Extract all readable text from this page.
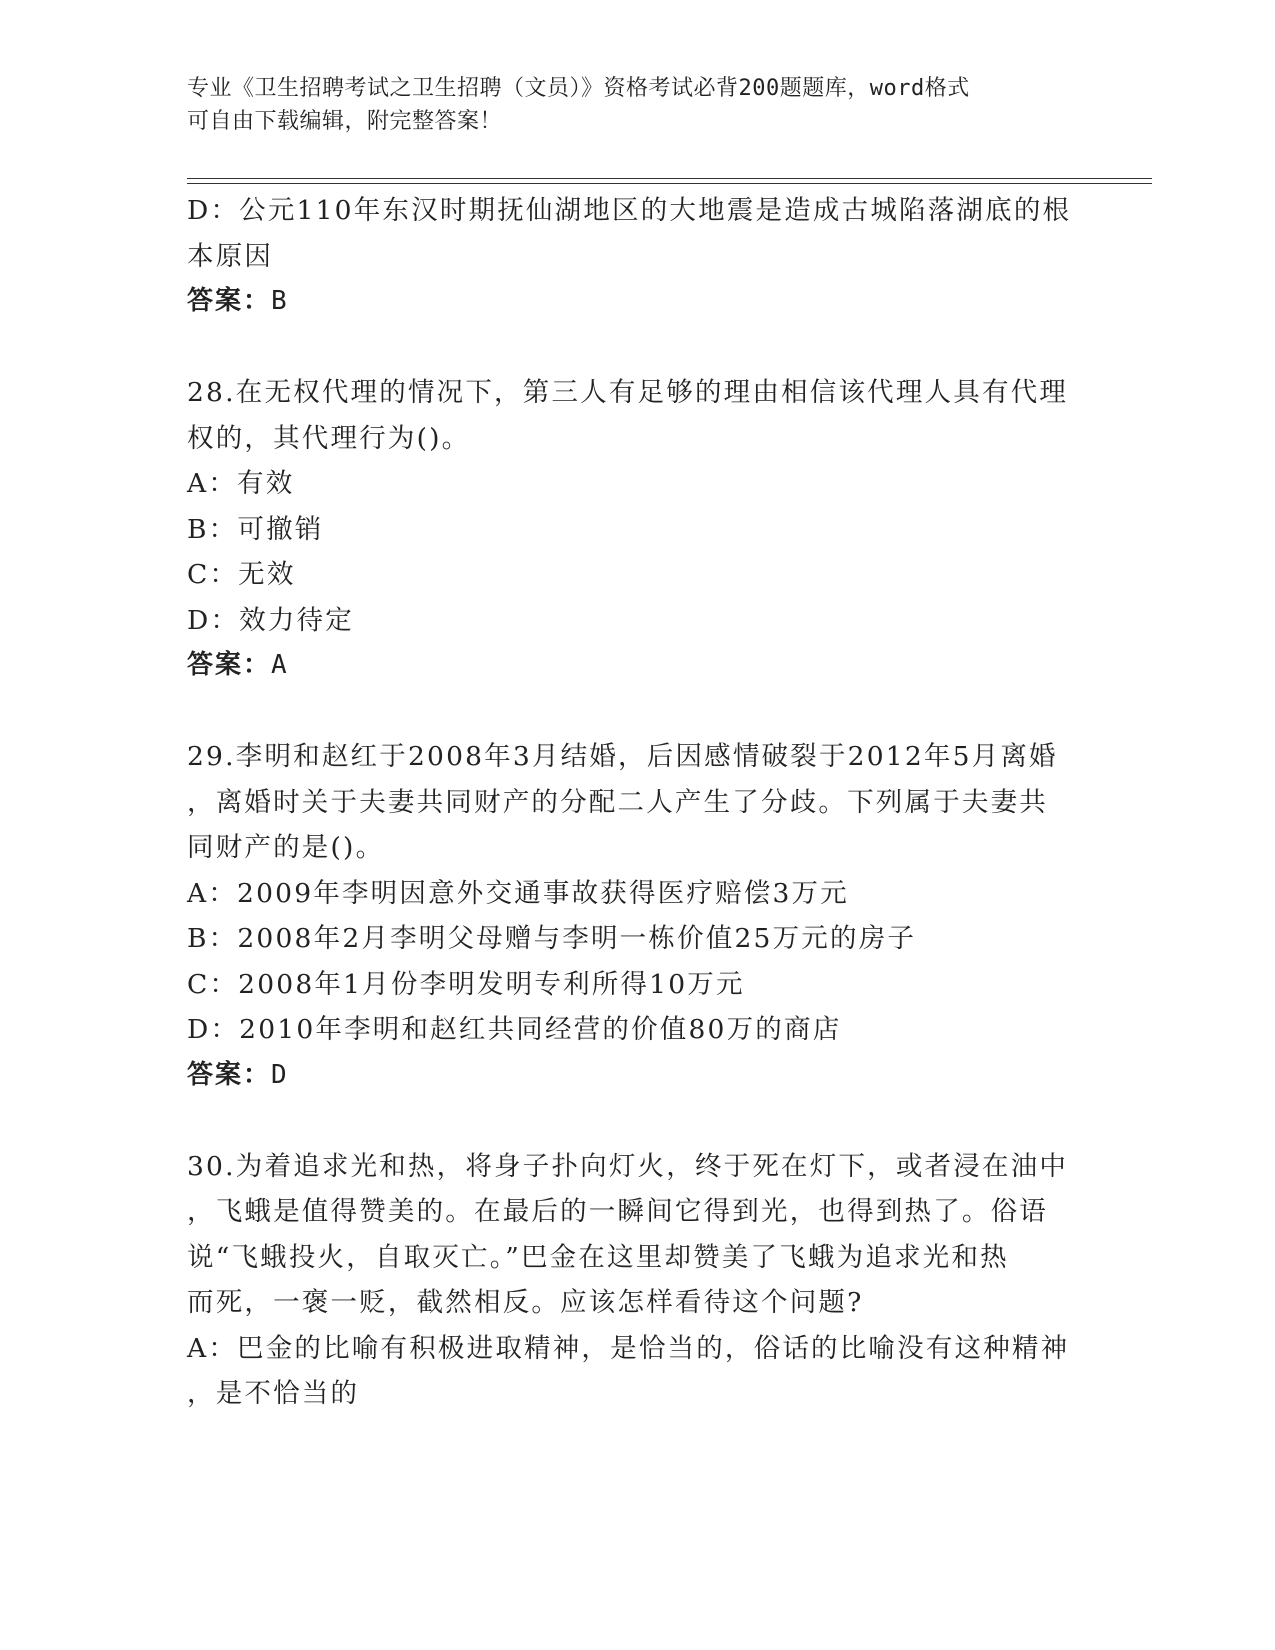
专业《卫生招聘考试之卫生招聘（文员）》资格考试必背200题题库，word格式
可自由下载编辑，附完整答案！
D：公元110年东汉时期抚仙湖地区的大地震是造成古城陷落湖底的根
本原因
答案：B
28.在无权代理的情况下，第三人有足够的理由相信该代理人具有代理
权的，其代理行为()。
A：有效
B：可撤销
C：无效
D：效力待定
答案：A
29.李明和赵红于2008年3月结婚，后因感情破裂于2012年5月离婚
，离婚时关于夫妻共同财产的分配二人产生了分歧。下列属于夫妻共
同财产的是()。
A：2009年李明因意外交通事故获得医疗赔偿3万元
B：2008年2月李明父母赠与李明一栋价值25万元的房子
C：2008年1月份李明发明专利所得10万元
D：2010年李明和赵红共同经营的价值80万的商店
答案：D
30.为着追求光和热，将身子扑向灯火，终于死在灯下，或者浸在油中
，飞蛾是值得赞美的。在最后的一瞬间它得到光，也得到热了。俗语
说“飞蛾投火，自取灭亡。”巴金在这里却赞美了飞蛾为追求光和热
而死，一褒一贬，截然相反。应该怎样看待这个问题?
A：巴金的比喻有积极进取精神，是恰当的，俗话的比喻没有这种精神
，是不恰当的
